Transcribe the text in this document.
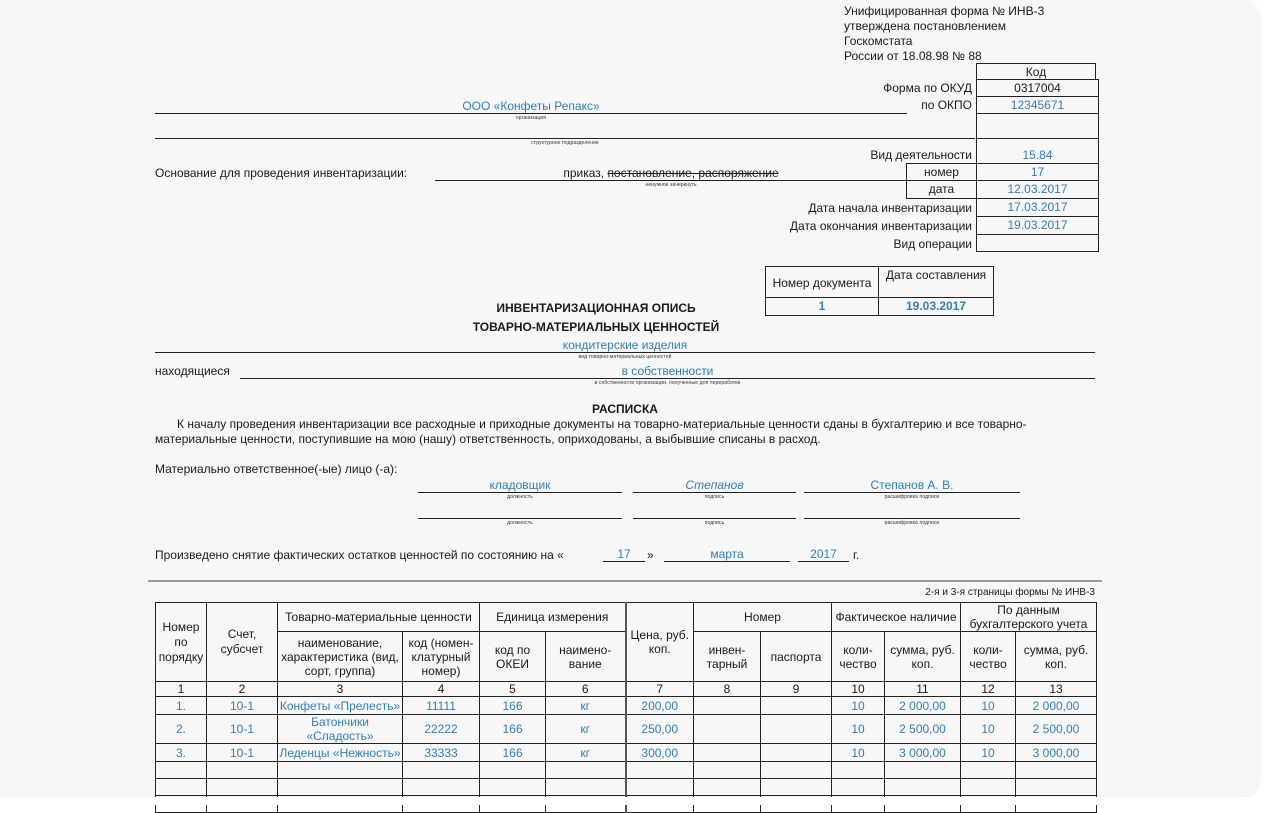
Унифицированная форма № ИНВ-3
утверждена постановлением
Госкомстата
России от 18.08.98 № 88
Код
Форма по ОКУД	0317004
по ОКПО	12345671
Вид деятельности	15.84
номер	17
дата	12.03.2017
Дата начала инвентаризации	17.03.2017
Дата окончания инвентаризации	19.03.2017
Вид операции
ООО «Конфеты Репакс»
организация
структурное подразделение
Основание для проведения инвентаризации:	приказ, постановление, распоряжение
ненужное зачеркнуть
Номер документа
Дата составления
1	19.03.2017
ИНВЕНТАРИЗАЦИОННАЯ ОПИСЬ
ТОВАРНО-МАТЕРИАЛЬНЫХ ЦЕННОСТЕЙ
кондитерские изделия
вид товарно-материальных ценностей
находящиеся	в собственности
в собственности организации, полученные для переработки
РАСПИСКА
К началу проведения инвентаризации все расходные и приходные документы на товарно-материальные ценности сданы в бухгалтерию и все товарно-материальные ценности, поступившие на мою (нашу) ответственность, оприходованы, а выбывшие списаны в расход.
Материально ответственное(-ые) лицо (-а):
кладовщик
должность
Степанов
подпись
Степанов А. В.
расшифровка подписи
должность	подпись	расшифровка подписи
Произведено снятие фактических остатков ценностей по состоянию на «	17	»	марта	2017	г.
2-я и 3-я страницы формы № ИНВ-3
Номер по порядку	Счет, субсчет	Товарно-материальные ценности		Единица измерения		Цена, руб. коп.	Номер		Фактическое наличие		По данным бухгалтерского учета	
		наименование, характеристика (вид, сорт, группа)	код (номен-клатурный номер)	код по ОКЕИ	наимено-вание		инвен-тарный	паспорта	коли-чество	сумма, руб. коп.	коли-чество	сумма, руб. коп.
1	2	3	4	5	6	7	8	9	10	11	12	13
1.	10-1	Конфеты «Прелесть»	11111	166	кг	200,00			10	2 000,00	10	2 000,00
2.	10-1	Батончики «Сладость»	22222	166	кг	250,00			10	2 500,00	10	2 500,00
3.	10-1	Леденцы «Нежность»	33333	166	кг	300,00			10	3 000,00	10	3 000,00
